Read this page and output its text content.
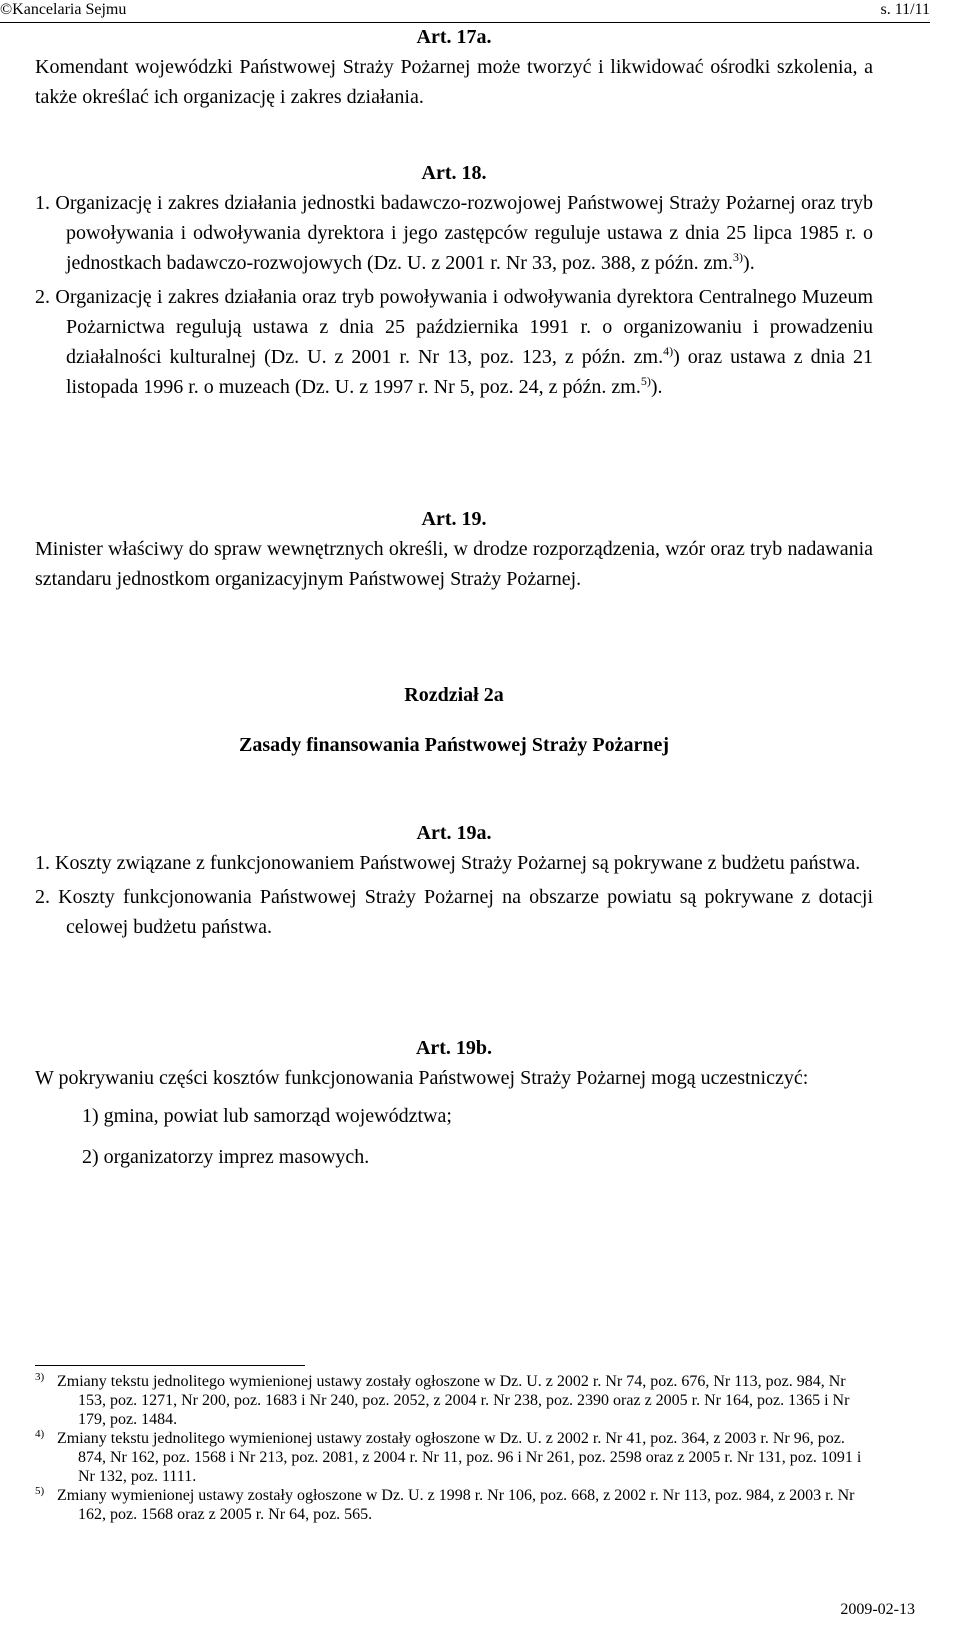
©Kancelaria Sejmu	s. 11/11

Art. 17a.

Komendant wojewódzki Państwowej Straży Pożarnej może tworzyć i likwidować ośrodki szkolenia, a także określać ich organizację i zakres działania.

Art. 18.

1. Organizację i zakres działania jednostki badawczo-rozwojowej Państwowej Straży Pożarnej oraz tryb powoływania i odwoływania dyrektora i jego zastępców reguluje ustawa z dnia 25 lipca 1985 r. o jednostkach badawczo-rozwojowych (Dz. U. z 2001 r. Nr 33, poz. 388, z późn. zm.$^{3)}$).

2. Organizację i zakres działania oraz tryb powoływania i odwoływania dyrektora Centralnego Muzeum Pożarnictwa regulują ustawa z dnia 25 października 1991 r. o organizowaniu i prowadzeniu działalności kulturalnej (Dz. U. z 2001 r. Nr 13, poz. 123, z późn. zm.$^{4)}$) oraz ustawa z dnia 21 listopada 1996 r. o muzeach (Dz. U. z 1997 r. Nr 5, poz. 24, z późn. zm.$^{5)}$).

Art. 19.

Minister właściwy do spraw wewnętrznych określi, w drodze rozporządzenia, wzór oraz tryb nadawania sztandaru jednostkom organizacyjnym Państwowej Straży Pożarnej.

Rozdział 2a

Zasady finansowania Państwowej Straży Pożarnej

Art. 19a.

1. Koszty związane z funkcjonowaniem Państwowej Straży Pożarnej są pokrywane z budżetu państwa.

2. Koszty funkcjonowania Państwowej Straży Pożarnej na obszarze powiatu są pokrywane z dotacji celowej budżetu państwa.

Art. 19b.

W pokrywaniu części kosztów funkcjonowania Państwowej Straży Pożarnej mogą uczestniczyć:

1) gmina, powiat lub samorząd województwa;

2) organizatorzy imprez masowych.

$^{3)}$ Zmiany tekstu jednolitego wymienionej ustawy zostały ogłoszone w Dz. U. z 2002 r. Nr 74, poz. 676, Nr 113, poz. 984, Nr 153, poz. 1271, Nr 200, poz. 1683 i Nr 240, poz. 2052, z 2004 r. Nr 238, poz. 2390 oraz z 2005 r. Nr 164, poz. 1365 i Nr 179, poz. 1484.

$^{4)}$ Zmiany tekstu jednolitego wymienionej ustawy zostały ogłoszone w Dz. U. z 2002 r. Nr 41, poz. 364, z 2003 r. Nr 96, poz. 874, Nr 162, poz. 1568 i Nr 213, poz. 2081, z 2004 r. Nr 11, poz. 96 i Nr 261, poz. 2598 oraz z 2005 r. Nr 131, poz. 1091 i Nr 132, poz. 1111.

$^{5)}$ Zmiany wymienionej ustawy zostały ogłoszone w Dz. U. z 1998 r. Nr 106, poz. 668, z 2002 r. Nr 113, poz. 984, z 2003 r. Nr 162, poz. 1568 oraz z 2005 r. Nr 64, poz. 565.

2009-02-13
